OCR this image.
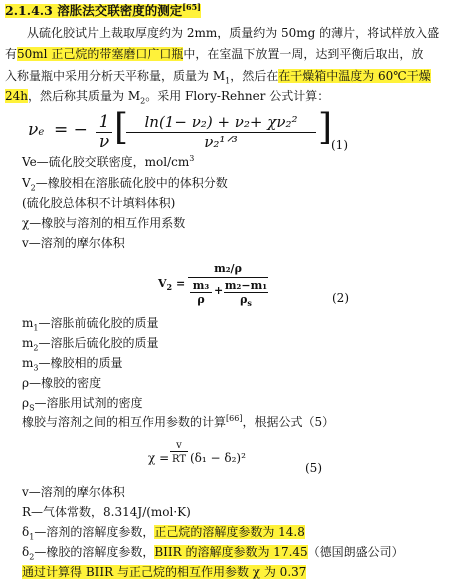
2.1.4.3 溶胀法交联密度的测定[65]
从硫化胶试片上裁取厚度约为 2mm，质量约为 50mg 的薄片，将试样放入盛
有50ml 正己烷的带塞磨口广口瓶中，在室温下放置一周，达到平衡后取出，放
入称量瓶中采用分析天平称量，质量为 $M_1$，然后在在干燥箱中温度为 60℃干燥
24h，然后称其质量为 $M_2$。采用 Flory-Rehner 公式计算：
νe = − 1
ν [	ln(1− ν₂) + ν₂+ χν₂²
ν₂¹ᐟ³	]
(1)
Ve—硫化胶交联密度，mol/$cm^3$
$V_2—$橡胶相在溶胀硫化胶中的体积分数
(硫化胶总体积不计填料体积)
χ—橡胶与溶剂的相互作用系数
v—溶剂的摩尔体积
$V_2$ =
m₂/ρ
m₃
ρ
+ m₂−m₁
$\rho_s$	(2)
$m_1—$溶胀前硫化胶的质量
$m_2—$溶胀后硫化胶的质量
$m_3—$橡胶相的质量
ρ—橡胶的密度
$\rho_S—$溶胀用试剂的密度
橡胶与溶剂之间的相互作用参数的计算[66]，根据公式（5）
χ =
v
RT (δ₁ − δ₂)²
(5)
v—溶剂的摩尔体积
R—气体常数，8.314J/(mol·K)
$\delta_1—$溶剂的溶解度参数，正己烷的溶解度参数为 14.8
$\delta_2—$橡胶的溶解度参数，BIIR 的溶解度参数为 17.45（德国朗盛公司）
通过计算得 BIIR 与正己烷的相互作用参数 χ 为 0.37
